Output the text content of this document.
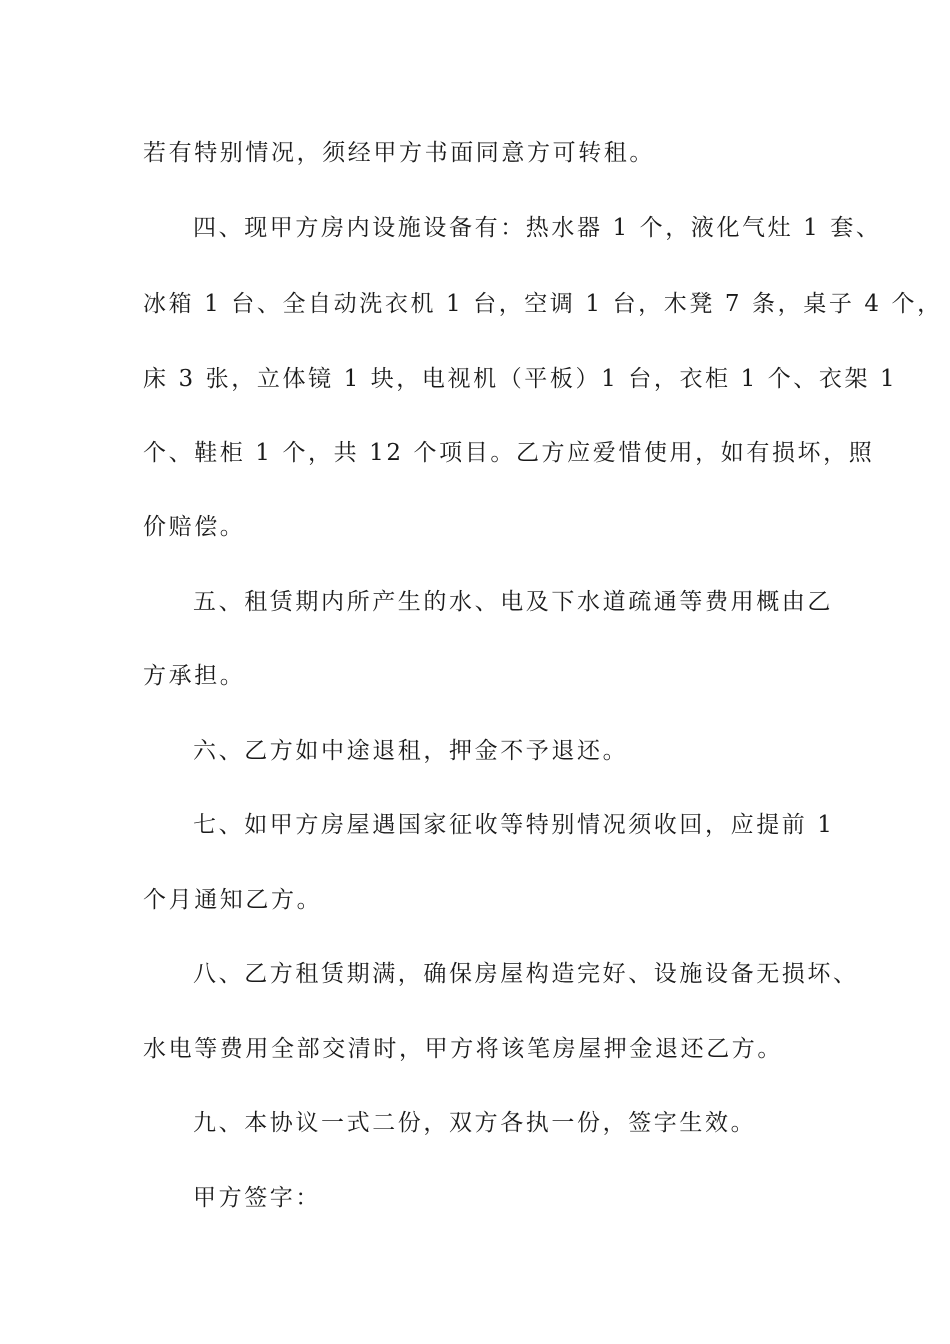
若有特别情况，须经甲方书面同意方可转租。
四、现甲方房内设施设备有：热水器 1 个，液化气灶 1 套、
冰箱 1 台、全自动洗衣机 1 台，空调 1 台，木凳 7 条，桌子 4 个，
床 3 张，立体镜 1 块，电视机（平板）1 台，衣柜 1 个、衣架 1
个、鞋柜 1 个，共 12 个项目。乙方应爱惜使用，如有损坏，照
价赔偿。
五、租赁期内所产生的水、电及下水道疏通等费用概由乙
方承担。
六、乙方如中途退租，押金不予退还。
七、如甲方房屋遇国家征收等特别情况须收回，应提前 1
个月通知乙方。
八、乙方租赁期满，确保房屋构造完好、设施设备无损坏、
水电等费用全部交清时，甲方将该笔房屋押金退还乙方。
九、本协议一式二份，双方各执一份，签字生效。
甲方签字：
